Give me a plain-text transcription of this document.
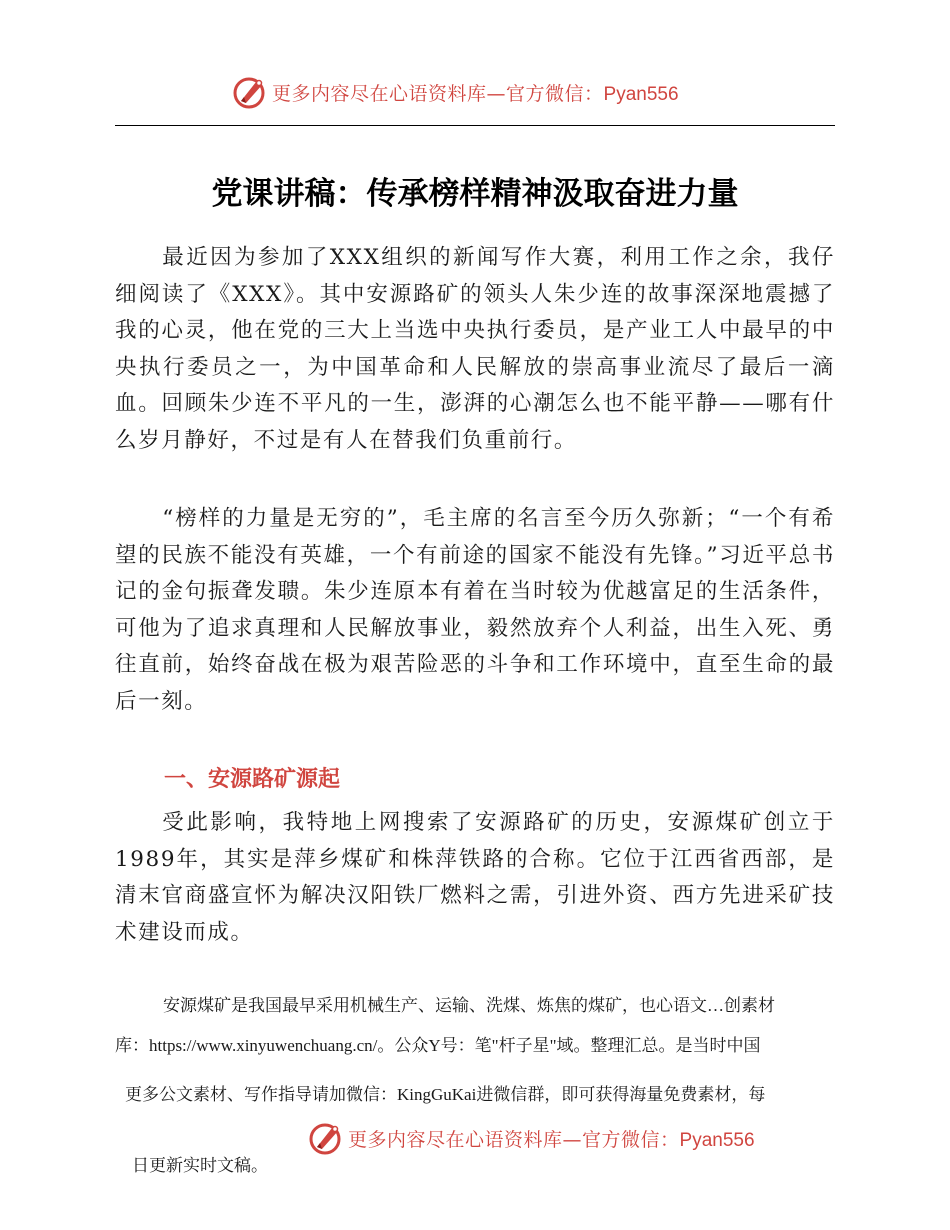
更多内容尽在心语资料库—官方微信：Pyan556
党课讲稿：传承榜样精神汲取奋进力量

最近因为参加了XXX组织的新闻写作大赛，利用工作之余，我仔细阅读了《XXX》。其中安源路矿的领头人朱少连的故事深深地震撼了我的心灵，他在党的三大上当选中央执行委员，是产业工人中最早的中央执行委员之一，为中国革命和人民解放的崇高事业流尽了最后一滴血。回顾朱少连不平凡的一生，澎湃的心潮怎么也不能平静——哪有什么岁月静好，不过是有人在替我们负重前行。

“榜样的力量是无穷的”，毛主席的名言至今历久弥新；“一个有希望的民族不能没有英雄，一个有前途的国家不能没有先锋。”习近平总书记的金句振聋发聩。朱少连原本有着在当时较为优越富足的生活条件，可他为了追求真理和人民解放事业，毅然放弃个人利益，出生入死、勇往直前，始终奋战在极为艰苦险恶的斗争和工作环境中，直至生命的最后一刻。

一、安源路矿源起

受此影响，我特地上网搜索了安源路矿的历史，安源煤矿创立于1989年，其实是萍乡煤矿和株萍铁路的合称。它位于江西省西部，是清末官商盛宣怀为解决汉阳铁厂燃料之需，引进外资、西方先进采矿技术建设而成。

安源煤矿是我国最早采用机械生产、运输、洗煤、炼焦的煤矿，也心语文…创素材
库：https://www.xinyuwenchuang.cn/。公众Y号：笔"杆子星"域。整理汇总。是当时中国
更多公文素材、写作指导请加微信：KingGuKai进微信群，即可获得海量免费素材，每
更多内容尽在心语资料库—官方微信：Pyan556
日更新实时文稿。
